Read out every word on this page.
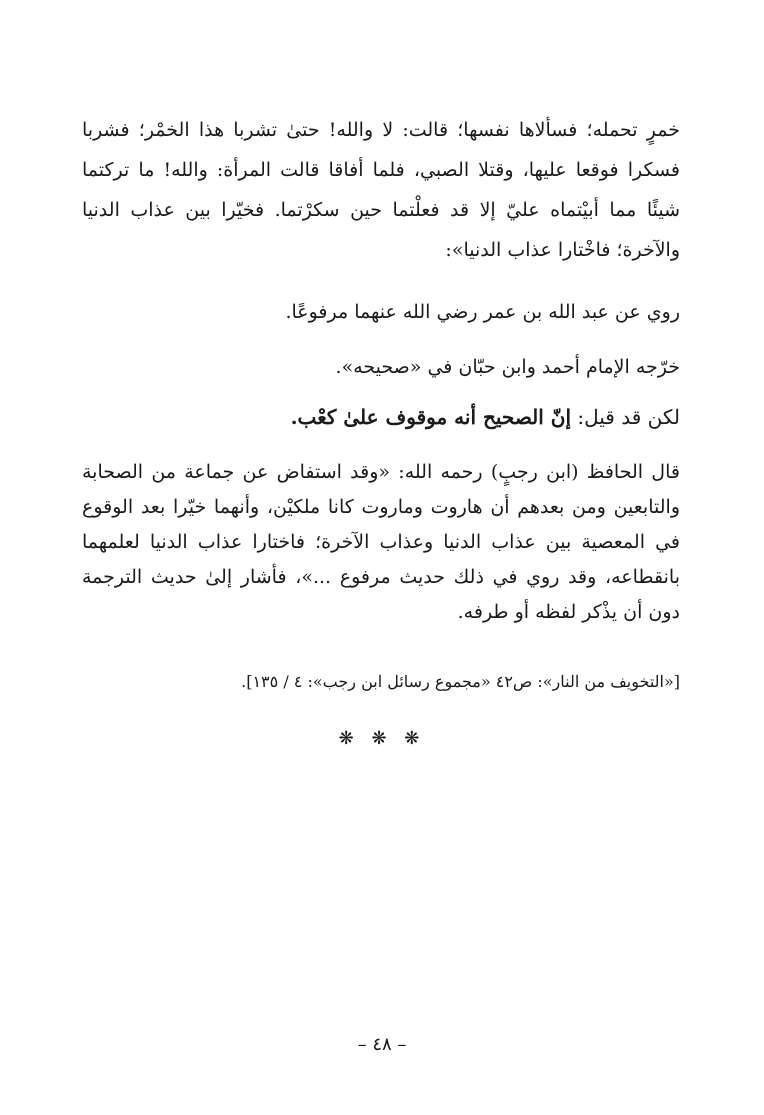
خمرٍ تحمله؛ فسألاها نفسها؛ قالت: لا والله! حتىٰ تشربا هذا الخمْر؛ فشربا فسكرا فوقعا عليها، وقتلا الصبي، فلما أفاقا قالت المرأة: والله! ما تركتما شيئًا مما أبيْتماه عليّ إلا قد فعلْتما حين سكرْتما. فخيّرا بين عذاب الدنيا والآخرة؛ فاخْتارا عذاب الدنيا»:
روي عن عبد الله بن عمر رضي الله عنهما مرفوعًا.
خرّجه الإمام أحمد وابن حبّان في «صحيحه».
لكن قد قيل: إنّ الصحيح أنه موقوف علىٰ كعْب.
قال الحافظ (ابن رجبٍ) رحمه الله: «وقد استفاض عن جماعة من الصحابة والتابعين ومن بعدهم أن هاروت وماروت كانا ملكيْن، وأنهما خيّرا بعد الوقوع في المعصية بين عذاب الدنيا وعذاب الآخرة؛ فاختارا عذاب الدنيا لعلمهما بانقطاعه، وقد روي في ذلك حديث مرفوع ...»، فأشار إلىٰ حديث الترجمة دون أن يذْكر لفظه أو طرفه.
[«التخويف من النار»: ص٤٢ «مجموع رسائل ابن رجب»: ٤ / ١٣٥].
❋ ❋ ❋
– ٤٨ –
